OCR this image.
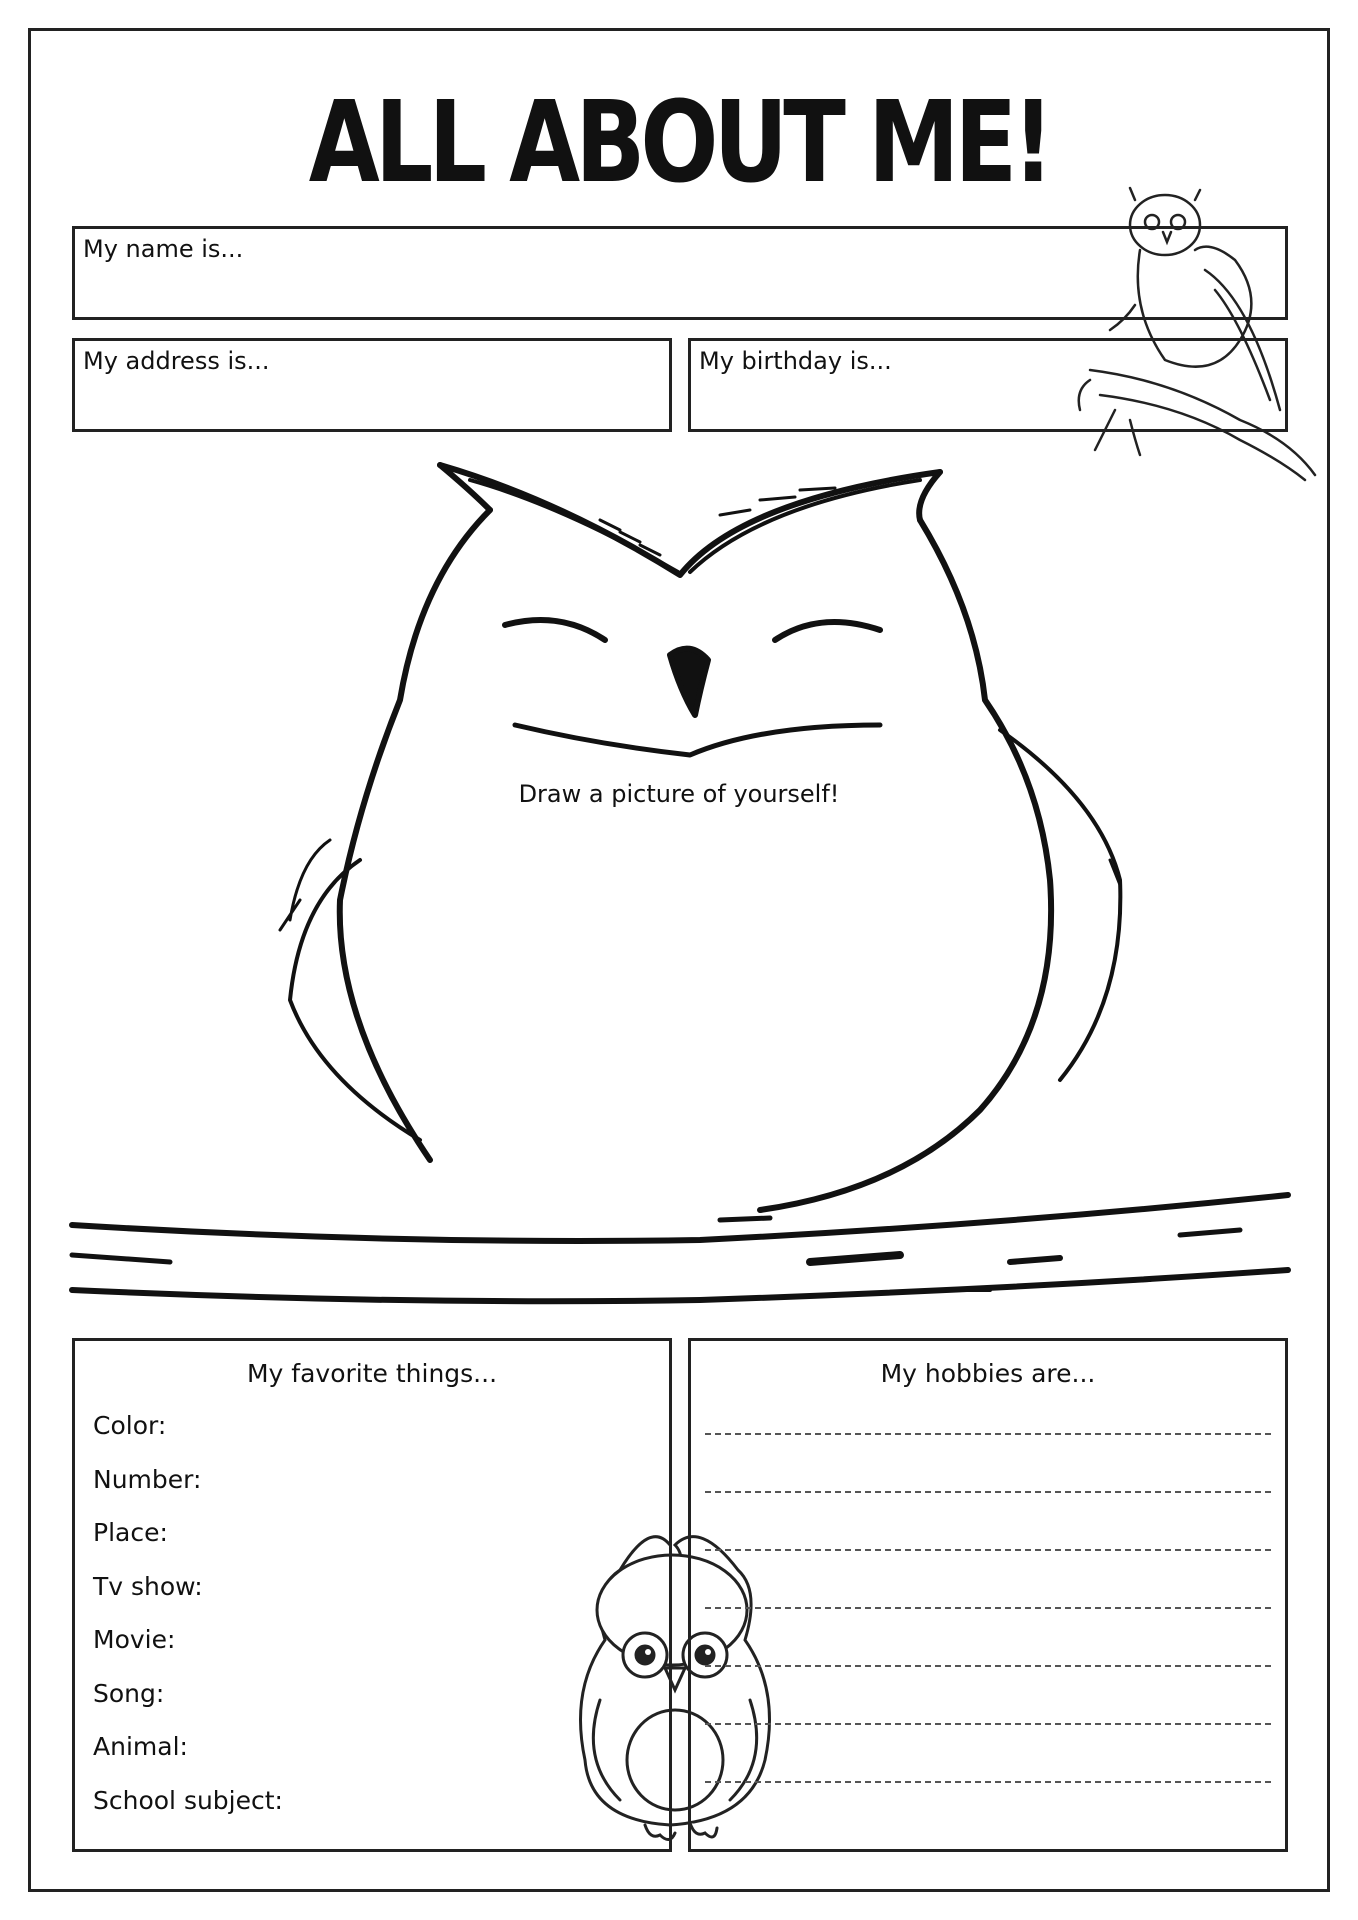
ALL ABOUT ME!
My name is...
My address is...	My birthday is...
Draw a picture of yourself!
My favorite things...
Color:
Number:
Place:
Tv show:
Movie:
Song:
Animal:
School subject:
My hobbies are...
